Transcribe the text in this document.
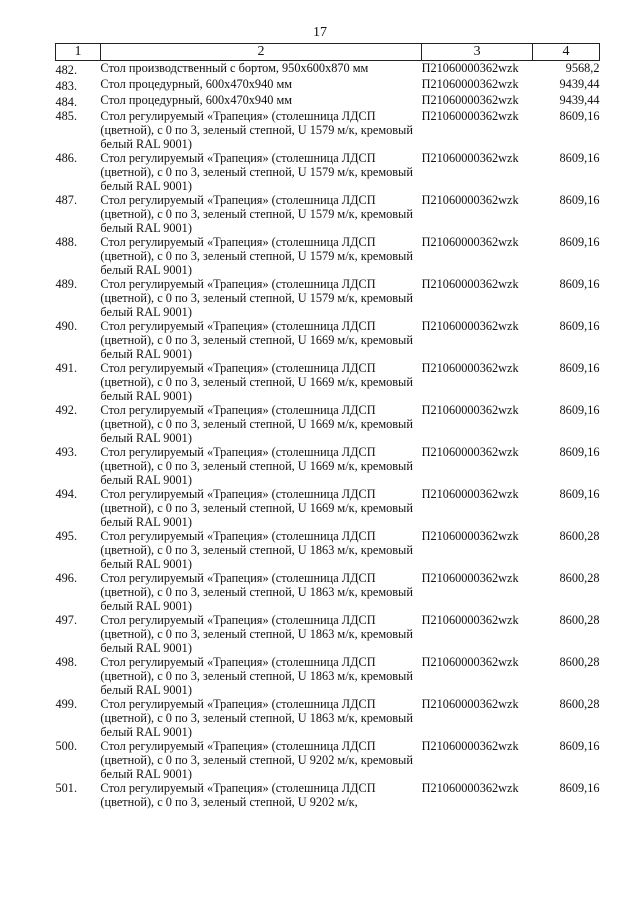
17
1	2	3	4
482.	Стол производственный с бортом, 950x600x870 мм	П21060000362wzk	9568,2
483.	Стол процедурный, 600x470x940 мм	П21060000362wzk	9439,44
484.	Стол процедурный, 600x470x940 мм	П21060000362wzk	9439,44
485.	Стол регулируемый «Трапеция» (столешница ЛДСП (цветной), с 0 по 3, зеленый степной, U 1579 м/к, кремовый белый RAL 9001)	П21060000362wzk	8609,16
486.	Стол регулируемый «Трапеция» (столешница ЛДСП (цветной), с 0 по 3, зеленый степной, U 1579 м/к, кремовый белый RAL 9001)	П21060000362wzk	8609,16
487.	Стол регулируемый «Трапеция» (столешница ЛДСП (цветной), с 0 по 3, зеленый степной, U 1579 м/к, кремовый белый RAL 9001)	П21060000362wzk	8609,16
488.	Стол регулируемый «Трапеция» (столешница ЛДСП (цветной), с 0 по 3, зеленый степной, U 1579 м/к, кремовый белый RAL 9001)	П21060000362wzk	8609,16
489.	Стол регулируемый «Трапеция» (столешница ЛДСП (цветной), с 0 по 3, зеленый степной, U 1579 м/к, кремовый белый RAL 9001)	П21060000362wzk	8609,16
490.	Стол регулируемый «Трапеция» (столешница ЛДСП (цветной), с 0 по 3, зеленый степной, U 1669 м/к, кремовый белый RAL 9001)	П21060000362wzk	8609,16
491.	Стол регулируемый «Трапеция» (столешница ЛДСП (цветной), с 0 по 3, зеленый степной, U 1669 м/к, кремовый белый RAL 9001)	П21060000362wzk	8609,16
492.	Стол регулируемый «Трапеция» (столешница ЛДСП (цветной), с 0 по 3, зеленый степной, U 1669 м/к, кремовый белый RAL 9001)	П21060000362wzk	8609,16
493.	Стол регулируемый «Трапеция» (столешница ЛДСП (цветной), с 0 по 3, зеленый степной, U 1669 м/к, кремовый белый RAL 9001)	П21060000362wzk	8609,16
494.	Стол регулируемый «Трапеция» (столешница ЛДСП (цветной), с 0 по 3, зеленый степной, U 1669 м/к, кремовый белый RAL 9001)	П21060000362wzk	8609,16
495.	Стол регулируемый «Трапеция» (столешница ЛДСП (цветной), с 0 по 3, зеленый степной, U 1863 м/к, кремовый белый RAL 9001)	П21060000362wzk	8600,28
496.	Стол регулируемый «Трапеция» (столешница ЛДСП (цветной), с 0 по 3, зеленый степной, U 1863 м/к, кремовый белый RAL 9001)	П21060000362wzk	8600,28
497.	Стол регулируемый «Трапеция» (столешница ЛДСП (цветной), с 0 по 3, зеленый степной, U 1863 м/к, кремовый белый RAL 9001)	П21060000362wzk	8600,28
498.	Стол регулируемый «Трапеция» (столешница ЛДСП (цветной), с 0 по 3, зеленый степной, U 1863 м/к, кремовый белый RAL 9001)	П21060000362wzk	8600,28
499.	Стол регулируемый «Трапеция» (столешница ЛДСП (цветной), с 0 по 3, зеленый степной, U 1863 м/к, кремовый белый RAL 9001)	П21060000362wzk	8600,28
500.	Стол регулируемый «Трапеция» (столешница ЛДСП (цветной), с 0 по 3, зеленый степной, U 9202 м/к, кремовый белый RAL 9001)	П21060000362wzk	8609,16
501.	Стол регулируемый «Трапеция» (столешница ЛДСП (цветной), с 0 по 3, зеленый степной, U 9202 м/к,	П21060000362wzk	8609,16
